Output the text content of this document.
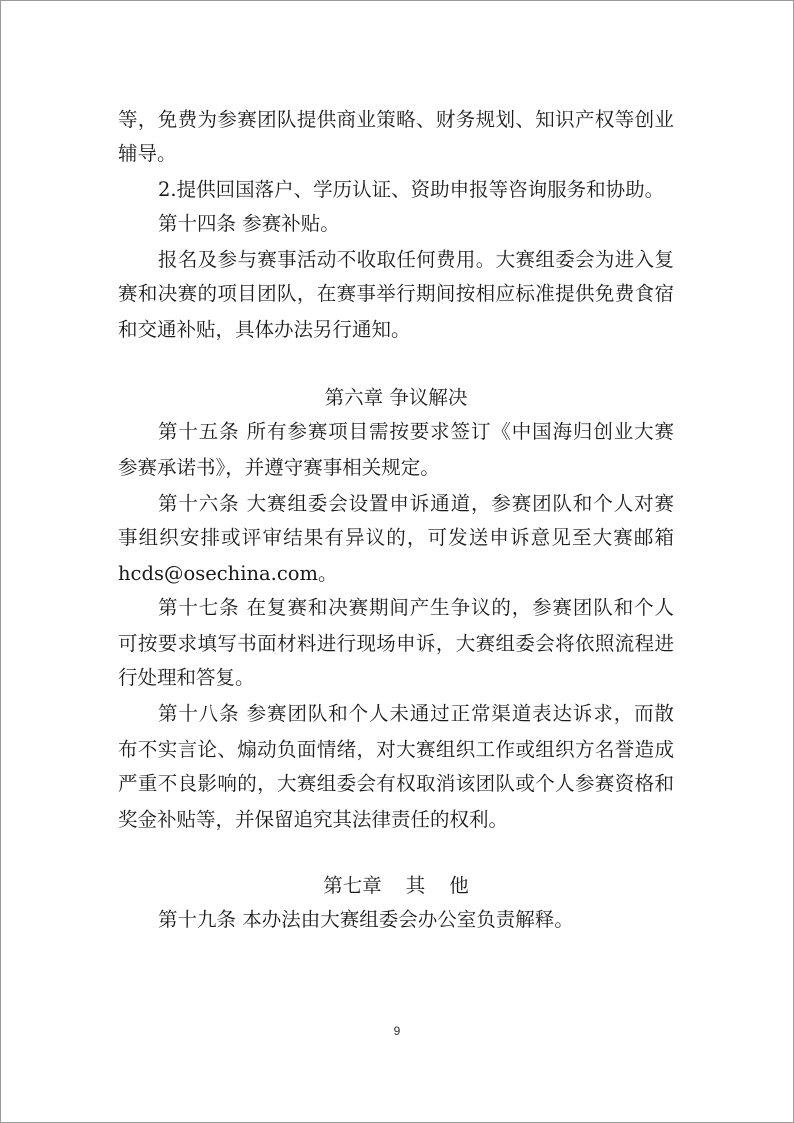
等，免费为参赛团队提供商业策略、财务规划、知识产权等创业
辅导。
2.提供回国落户、学历认证、资助申报等咨询服务和协助。
第十四条 参赛补贴。
报名及参与赛事活动不收取任何费用。大赛组委会为进入复
赛和决赛的项目团队，在赛事举行期间按相应标准提供免费食宿
和交通补贴，具体办法另行通知。
第六章 争议解决
第十五条 所有参赛项目需按要求签订《中国海归创业大赛
参赛承诺书》，并遵守赛事相关规定。
第十六条 大赛组委会设置申诉通道，参赛团队和个人对赛
事组织安排或评审结果有异议的，可发送申诉意见至大赛邮箱
hcds@osechina.com。
第十七条 在复赛和决赛期间产生争议的，参赛团队和个人
可按要求填写书面材料进行现场申诉，大赛组委会将依照流程进
行处理和答复。
第十八条 参赛团队和个人未通过正常渠道表达诉求，而散
布不实言论、煽动负面情绪，对大赛组织工作或组织方名誉造成
严重不良影响的，大赛组委会有权取消该团队或个人参赛资格和
奖金补贴等，并保留追究其法律责任的权利。
第七章 其 他
第十九条 本办法由大赛组委会办公室负责解释。
9
